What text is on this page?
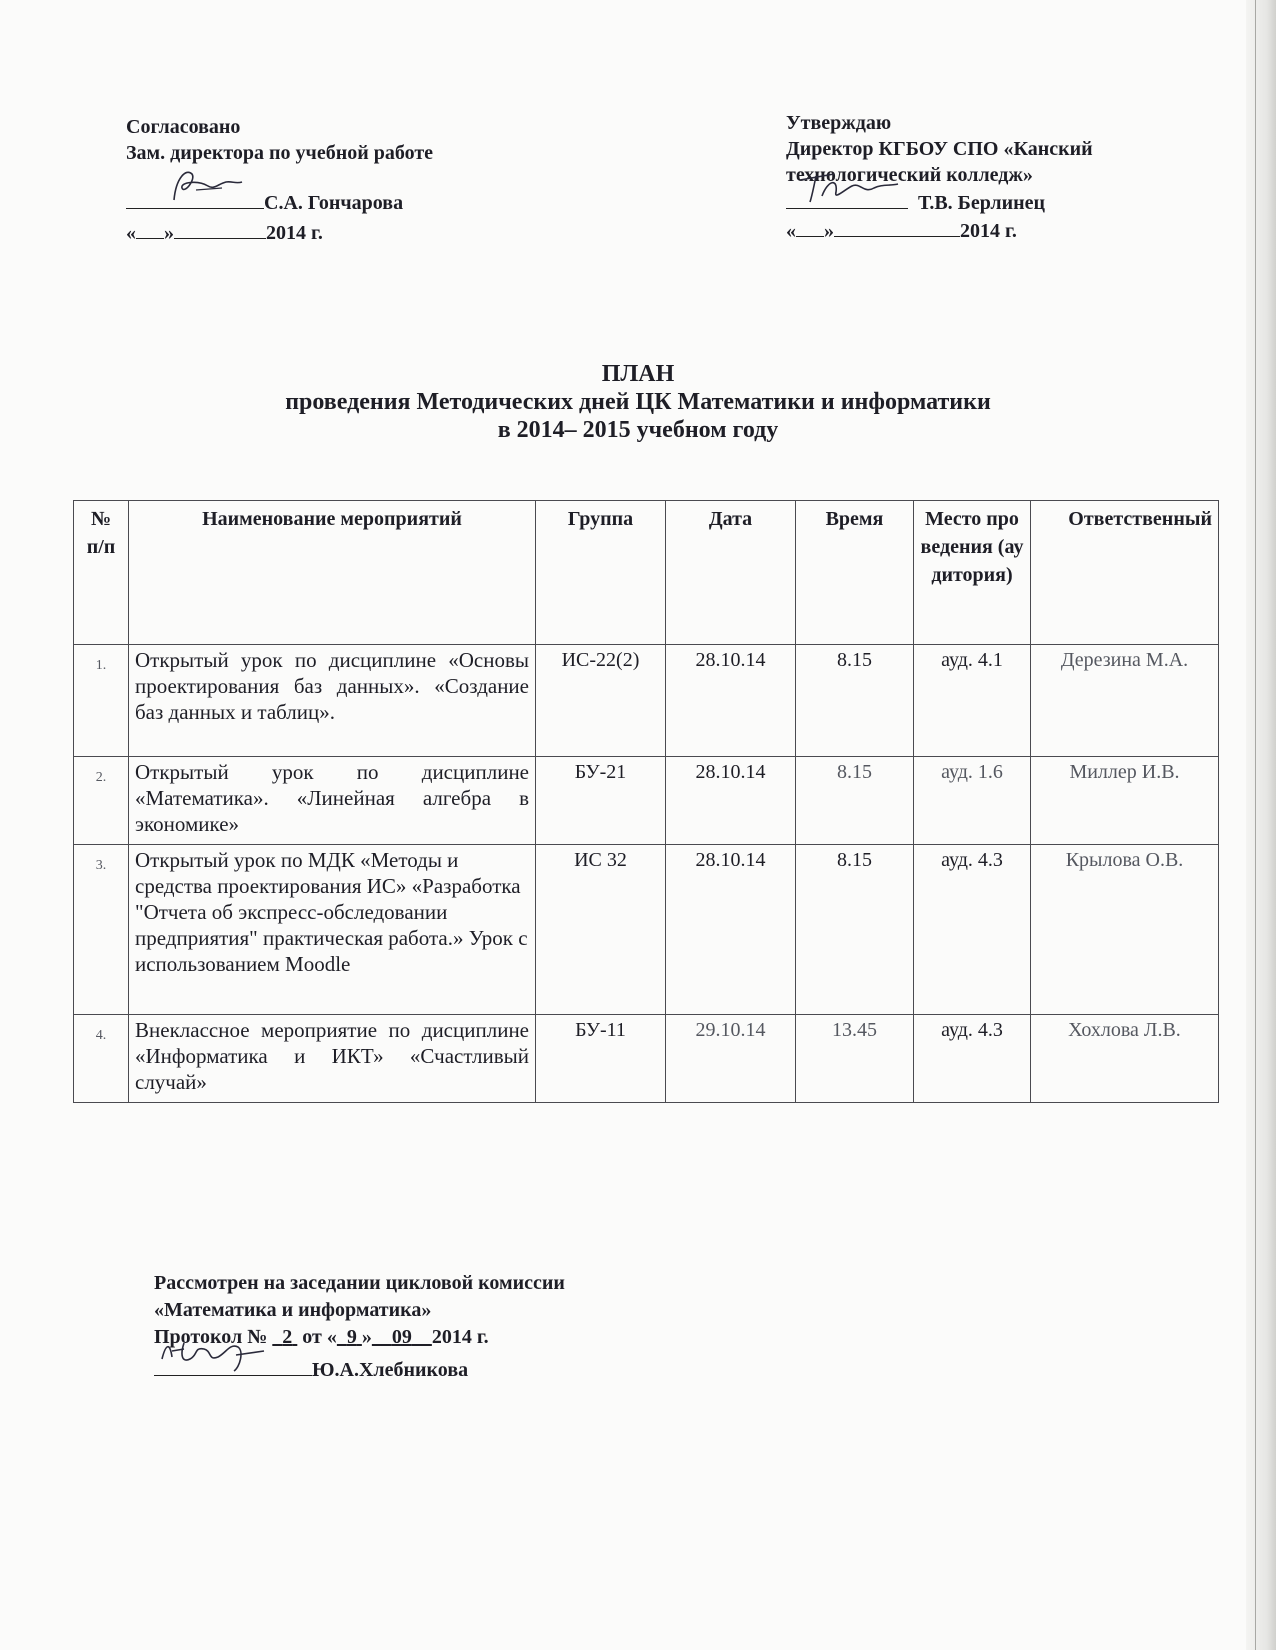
Согласовано
Зам. директора по учебной работе
С.А. Гончарова
« »	2014 г.
Утверждаю
Директор КГБОУ СПО «Канский
технологический колледж»
Т.В. Берлинец
« »	2014 г.
ПЛАН
проведения Методических дней ЦК Математики и информатики
в 2014– 2015 учебном году
№ п/п	Наименование мероприятий	Группа	Дата	Время	Место проведения (аудитория)	Ответственный
1.	Открытый урок по дисциплине «Основы проектирования баз данных». «Создание баз данных и таблиц».	ИС-22(2)	28.10.14	8.15	ауд. 4.1	Дерезина М.А.
2.	Открытый урок по дисциплине «Математика». «Линейная алгебра в экономике»	БУ-21	28.10.14	8.15	ауд. 1.6	Миллер И.В.
3.	Открытый урок по МДК «Методы и средства проектирования ИС» «Разработка "Отчета об экспресс-обследовании предприятия" практическая работа.» Урок с использованием Moodle	ИС 32	28.10.14	8.15	ауд. 4.3	Крылова О.В.
4.	Внеклассное мероприятие по дисциплине «Информатика и ИКТ» «Счастливый случай»	БУ-11	29.10.14	13.45	ауд. 4.3	Хохлова Л.В.
Рассмотрен на заседании цикловой комиссии
«Математика и информатика»
Протокол № 2 от « 9 » 09 2014 г.
Ю.А.Хлебникова
